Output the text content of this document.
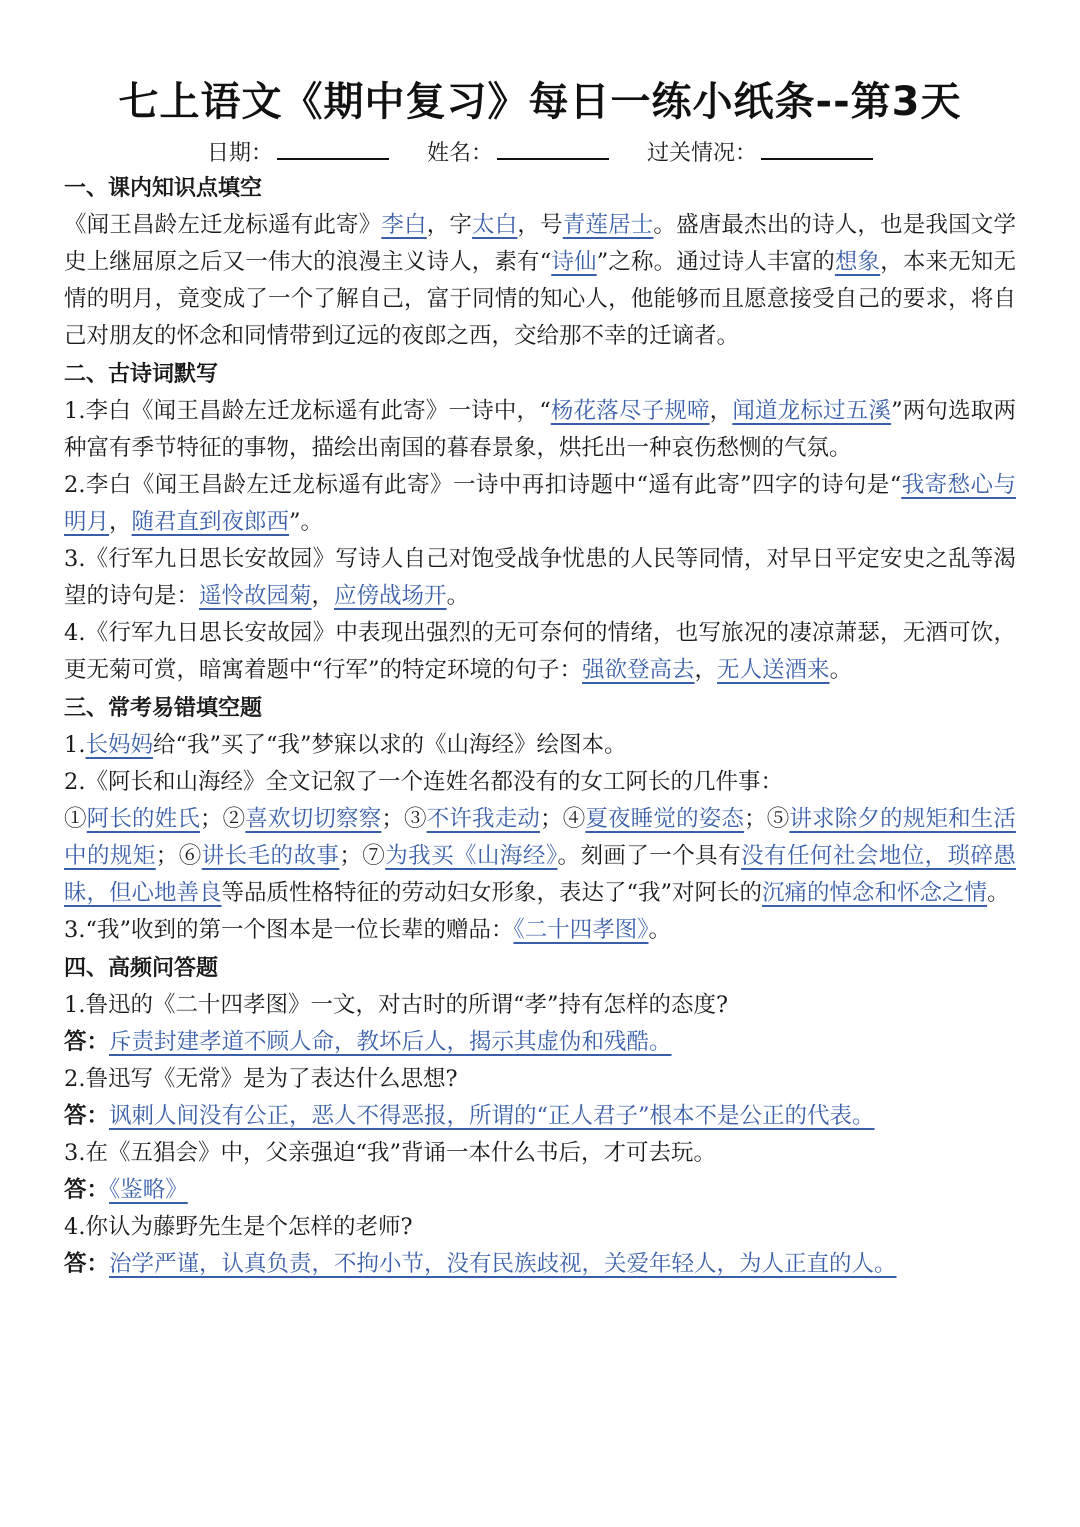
七上语文《期中复习》每日一练小纸条--第3天
日期：	姓名：	过关情况：
一、课内知识点填空
《闻王昌龄左迁龙标遥有此寄》李白，字太白，号青莲居士。盛唐最杰出的诗人，也是我国文学史上继屈原之后又一伟大的浪漫主义诗人，素有“诗仙”之称。通过诗人丰富的想象，本来无知无情的明月，竟变成了一个了解自己，富于同情的知心人，他能够而且愿意接受自己的要求，将自己对朋友的怀念和同情带到辽远的夜郎之西，交给那不幸的迁谪者。
二、古诗词默写
1.李白《闻王昌龄左迁龙标遥有此寄》一诗中，“杨花落尽子规啼，闻道龙标过五溪”两句选取两种富有季节特征的事物，描绘出南国的暮春景象，烘托出一种哀伤愁恻的气氛。
2.李白《闻王昌龄左迁龙标遥有此寄》一诗中再扣诗题中“遥有此寄”四字的诗句是“我寄愁心与明月，随君直到夜郎西”。
3.《行军九日思长安故园》写诗人自己对饱受战争忧患的人民等同情，对早日平定安史之乱等渴望的诗句是：遥怜故园菊，应傍战场开。
4.《行军九日思长安故园》中表现出强烈的无可奈何的情绪，也写旅况的凄凉萧瑟，无酒可饮，更无菊可赏，暗寓着题中“行军”的特定环境的句子：强欲登高去，无人送酒来。
三、常考易错填空题
1.长妈妈给“我”买了“我”梦寐以求的《山海经》绘图本。
2.《阿长和山海经》全文记叙了一个连姓名都没有的女工阿长的几件事：
①阿长的姓氏；②喜欢切切察察；③不许我走动；④夏夜睡觉的姿态；⑤讲求除夕的规矩和生活中的规矩；⑥讲长毛的故事；⑦为我买《山海经》。刻画了一个具有没有任何社会地位，琐碎愚昧，但心地善良等品质性格特征的劳动妇女形象，表达了“我”对阿长的沉痛的悼念和怀念之情。
3.“我”收到的第一个图本是一位长辈的赠品：《二十四孝图》。
四、高频问答题
1.鲁迅的《二十四孝图》一文，对古时的所谓“孝”持有怎样的态度?
答：斥责封建孝道不顾人命，教坏后人，揭示其虚伪和残酷。
2.鲁迅写《无常》是为了表达什么思想?
答：讽刺人间没有公正，恶人不得恶报，所谓的“正人君子”根本不是公正的代表。
3.在《五猖会》中，父亲强迫“我”背诵一本什么书后，才可去玩。
答：《鉴略》
4.你认为藤野先生是个怎样的老师?
答：治学严谨，认真负责，不拘小节，没有民族歧视，关爱年轻人，为人正直的人。
